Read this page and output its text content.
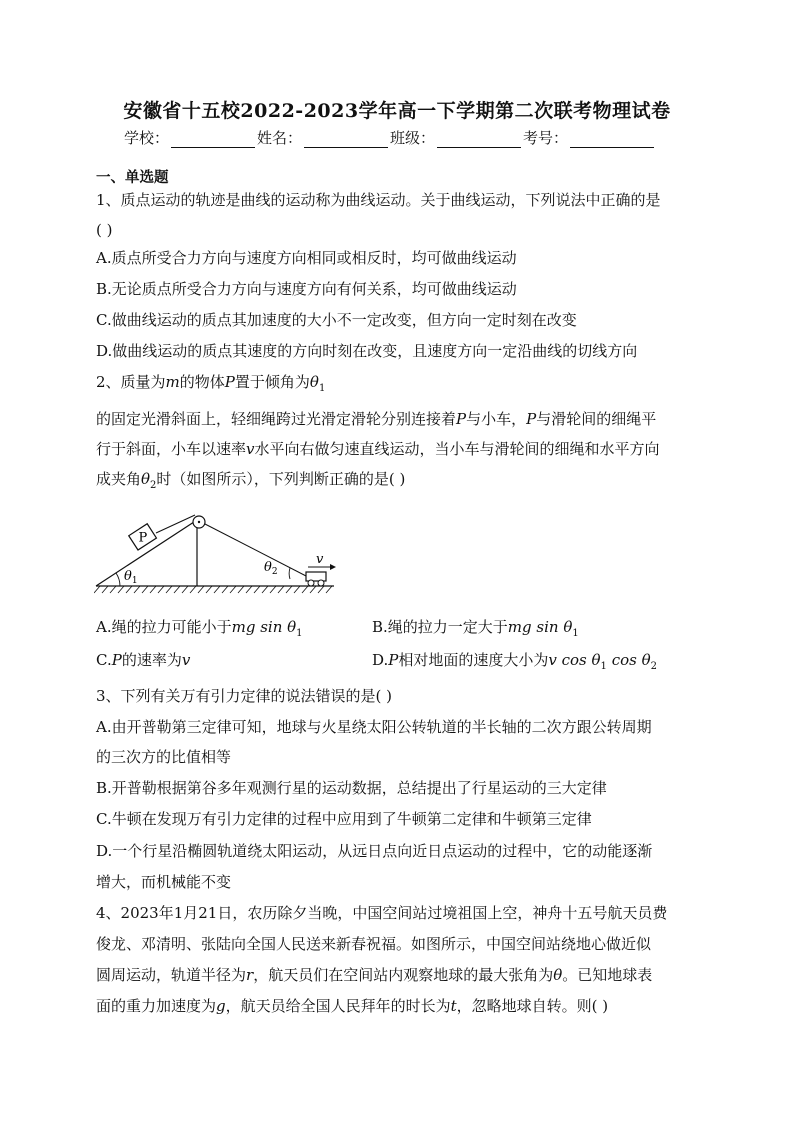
安徽省十五校2022-2023学年高一下学期第二次联考物理试卷
学校：	姓名：	班级：	考号：
一、单选题
1、质点运动的轨迹是曲线的运动称为曲线运动。关于曲线运动，下列说法中正确的是
( )
A.质点所受合力方向与速度方向相同或相反时，均可做曲线运动
B.无论质点所受合力方向与速度方向有何关系，均可做曲线运动
C.做曲线运动的质点其加速度的大小不一定改变，但方向一定时刻在改变
D.做曲线运动的质点其速度的方向时刻在改变，且速度方向一定沿曲线的切线方向
2、质量为m的物体P置于倾角为$\theta_1$
的固定光滑斜面上，轻细绳跨过光滑定滑轮分别连接着P与小车，P与滑轮间的细绳平
行于斜面，小车以速率v水平向右做匀速直线运动，当小车与滑轮间的细绳和水平方向
成夹角$\theta_2$时（如图所示），下列判断正确的是( )
P
v
$\theta_1$
$\theta_2$
A.绳的拉力可能小于mg $\sin \theta_1$	B.绳的拉力一定大于mg $\sin \theta_1$
C.P的速率为v	D.P相对地面的速度大小为v $\cos \theta_1$ $\cos \theta_2$
3、下列有关万有引力定律的说法错误的是( )
A.由开普勒第三定律可知，地球与火星绕太阳公转轨道的半长轴的二次方跟公转周期
的三次方的比值相等
B.开普勒根据第谷多年观测行星的运动数据，总结提出了行星运动的三大定律
C.牛顿在发现万有引力定律的过程中应用到了牛顿第二定律和牛顿第三定律
D.一个行星沿椭圆轨道绕太阳运动，从远日点向近日点运动的过程中，它的动能逐渐
增大，而机械能不变
4、2023年1月21日，农历除夕当晚，中国空间站过境祖国上空，神舟十五号航天员费
俊龙、邓清明、张陆向全国人民送来新春祝福。如图所示，中国空间站绕地心做近似
圆周运动，轨道半径为r，航天员们在空间站内观察地球的最大张角为θ。已知地球表
面的重力加速度为g，航天员给全国人民拜年的时长为t，忽略地球自转。则( )
